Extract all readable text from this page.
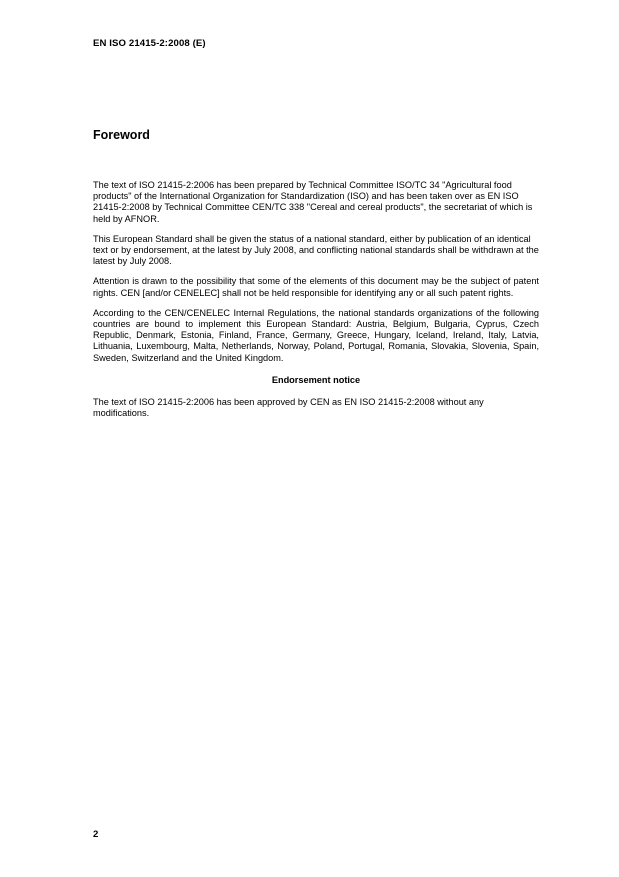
EN ISO 21415-2:2008 (E)
Foreword

The text of ISO 21415-2:2006 has been prepared by Technical Committee ISO/TC 34 "Agricultural food products" of the International Organization for Standardization (ISO) and has been taken over as EN ISO 21415-2:2008 by Technical Committee CEN/TC 338 "Cereal and cereal products", the secretariat of which is held by AFNOR.

This European Standard shall be given the status of a national standard, either by publication of an identical text or by endorsement, at the latest by July 2008, and conflicting national standards shall be withdrawn at the latest by July 2008.

Attention is drawn to the possibility that some of the elements of this document may be the subject of patent rights. CEN [and/or CENELEC] shall not be held responsible for identifying any or all such patent rights.

According to the CEN/CENELEC Internal Regulations, the national standards organizations of the following countries are bound to implement this European Standard: Austria, Belgium, Bulgaria, Cyprus, Czech Republic, Denmark, Estonia, Finland, France, Germany, Greece, Hungary, Iceland, Ireland, Italy, Latvia, Lithuania, Luxembourg, Malta, Netherlands, Norway, Poland, Portugal, Romania, Slovakia, Slovenia, Spain, Sweden, Switzerland and the United Kingdom.

Endorsement notice

The text of ISO 21415-2:2006 has been approved by CEN as EN ISO 21415-2:2008 without any modifications.

2
